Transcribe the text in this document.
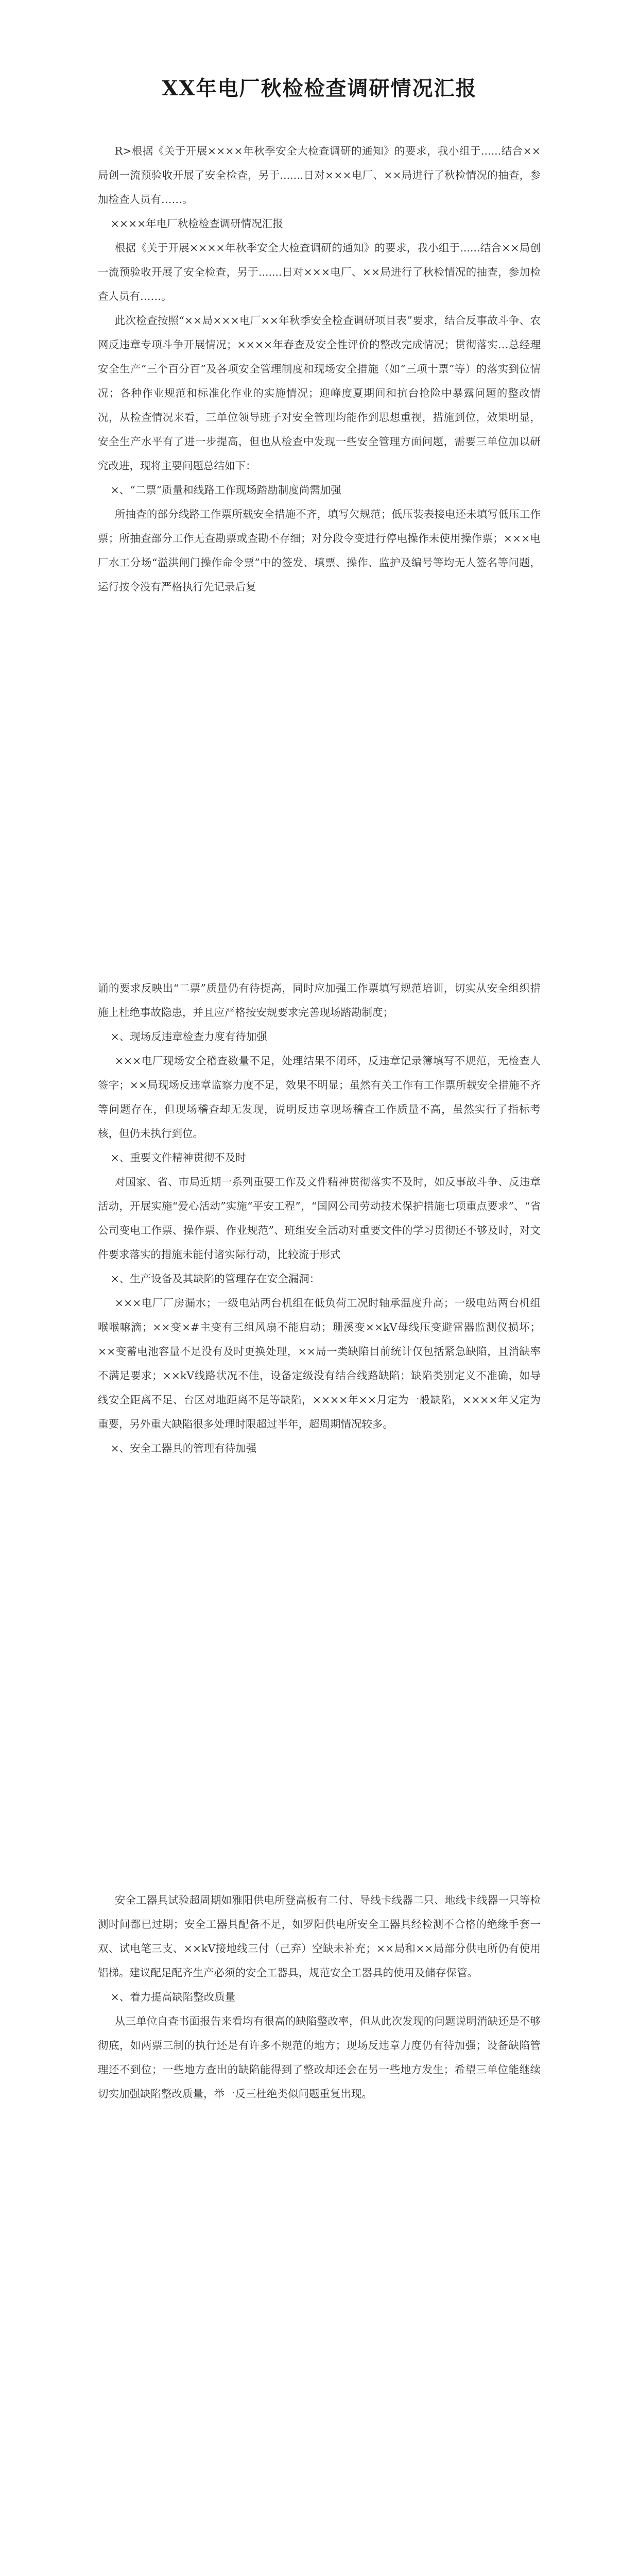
XX年电厂秋检检查调研情况汇报

R>根据《关于开展××××年秋季安全大检查调研的通知》的要求，我小组于......结合××局创一流预验收开展了安全检查，另于.......日对×××电厂、××局进行了秋检情况的抽查，参加检查人员有……。

××××年电厂秋检检查调研情况汇报

根据《关于开展××××年秋季安全大检查调研的通知》的要求，我小组于......结合××局创一流预验收开展了安全检查，另于.......日对×××电厂、××局进行了秋检情况的抽查，参加检查人员有……。

此次检查按照“××局×××电厂××年秋季安全检查调研项目表”要求，结合反事故斗争、农网反违章专项斗争开展情况；××××年春查及安全性评价的整改完成情况；贯彻落实…总经理安全生产“三个百分百”及各项安全管理制度和现场安全措施（如“三项十票”等）的落实到位情况；各种作业规范和标准化作业的实施情况；迎峰度夏期间和抗台抢险中暴露问题的整改情况，从检查情况来看，三单位领导班子对安全管理均能作到思想重视，措施到位，效果明显，安全生产水平有了进一步提高，但也从检查中发现一些安全管理方面问题，需要三单位加以研究改进，现将主要问题总结如下：

×、“二票”质量和线路工作现场踏勘制度尚需加强

所抽查的部分线路工作票所载安全措施不齐，填写欠规范；低压装表接电还未填写低压工作票；所抽查部分工作无查勘票或查勘不存细；对分段令变进行停电操作未使用操作票；×××电厂水工分场“溢洪闸门操作命令票”中的签发、填票、操作、监护及编号等均无人签名等问题，运行按令没有严格执行先记录后复

诵的要求反映出“二票”质量仍有待提高，同时应加强工作票填写规范培训，切实从安全组织措施上杜绝事故隐患，并且应严格按安规要求完善现场踏勘制度；

×、现场反违章检查力度有待加强

×××电厂现场安全稽查数量不足，处理结果不闭环，反违章记录簿填写不规范，无检查人签字；××局现场反违章监察力度不足，效果不明显；虽然有关工作有工作票所载安全措施不齐等问题存在，但现场稽查却无发现，说明反违章现场稽查工作质量不高，虽然实行了指标考核，但仍未执行到位。

×、重要文件精神贯彻不及时

对国家、省、市局近期一系列重要工作及文件精神贯彻落实不及时，如反事故斗争、反违章活动，开展实施“爱心活动”实施“平安工程”，“国网公司劳动技术保护措施七项重点要求”、“省公司变电工作票、操作票、作业规范”、班组安全活动对重要文件的学习贯彻还不够及时，对文件要求落实的措施未能付诸实际行动，比较流于形式

×、生产设备及其缺陷的管理存在安全漏洞：

×××电厂厂房漏水；一级电站两台机组在低负荷工况时轴承温度升高；一级电站两台机组喉喉嘛滴；××变×#主变有三组风扇不能启动；珊溪变××kV母线压变避雷器监测仪损坏；××变蓄电池容量不足没有及时更换处理，××局一类缺陷目前统计仅包括紧急缺陷，且消缺率不满足要求；××kV线路状况不佳，设备定级没有结合线路缺陷；缺陷类别定义不准确，如导线安全距离不足、台区对地距离不足等缺陷，××××年××月定为一般缺陷，××××年又定为重要，另外重大缺陷很多处理时限超过半年，超周期情况较多。

×、安全工器具的管理有待加强

安全工器具试验超周期如雅阳供电所登高板有二付、导线卡线器二只、地线卡线器一只等检测时间都已过期；安全工器具配备不足，如罗阳供电所安全工器具经检测不合格的绝缘手套一双、试电笔三支、××kV接地线三付（己弃）空缺未补充；××局和××局部分供电所仍有使用铝梯。建议配足配齐生产必须的安全工器具，规范安全工器具的使用及储存保管。

×、着力提高缺陷整改质量

从三单位自查书面报告来看均有很高的缺陷整改率，但从此次发现的问题说明消缺还是不够彻底，如两票三制的执行还是有许多不规范的地方；现场反违章力度仍有待加强；设备缺陷管理还不到位；一些地方查出的缺陷能得到了整改却还会在另一些地方发生；希望三单位能继续切实加强缺陷整改质量，举一反三杜绝类似问题重复出现。
